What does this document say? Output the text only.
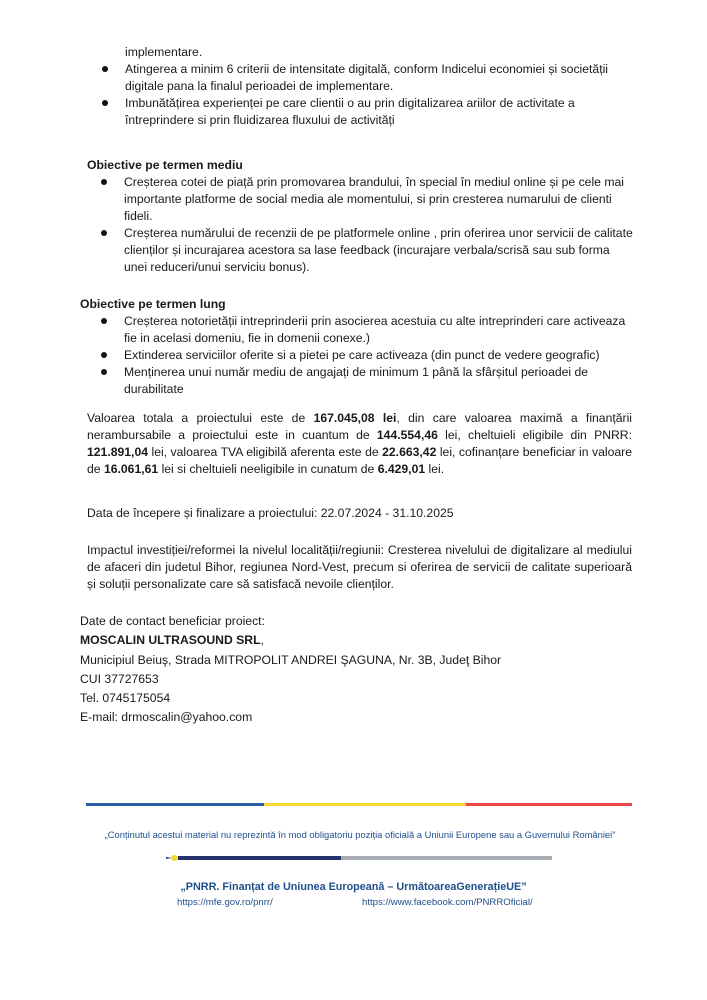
implementare.
Atingerea a minim 6 criterii de intensitate digitală, conform Indicelui economiei și societății digitale pana la finalul perioadei de implementare.
Imbunătățirea experienței pe care clientii o au prin digitalizarea ariilor de activitate a întreprindere si prin fluidizarea fluxului de activități
Obiective pe termen mediu
Creșterea cotei de piață prin promovarea brandului, în special în mediul online și pe cele mai importante platforme de social media ale momentului, si prin cresterea numarului de clienti fideli.
Creșterea numărului de recenzii de pe platformele online , prin oferirea unor servicii de calitate clienților și incurajarea acestora sa lase feedback (incurajare verbala/scrisă sau sub forma unei reduceri/unui serviciu bonus).
Obiective pe termen lung
Creșterea notorietății intreprinderii prin asocierea acestuia cu alte intreprinderi care activeaza fie in acelasi domeniu, fie in domenii conexe.)
Extinderea serviciilor oferite si a pietei pe care activeaza (din punct de vedere geografic)
Menținerea unui număr mediu de angajați de minimum 1 până la sfârșitul perioadei de durabilitate

Valoarea totala a proiectului este de 167.045,08 lei, din care valoarea maximă a finanțării nerambursabile a proiectului este in cuantum de 144.554,46 lei, cheltuieli eligibile din PNRR: 121.891,04 lei, valoarea TVA eligibilă aferenta este de 22.663,42 lei, cofinanțare beneficiar in valoare de 16.061,61 lei si cheltuieli neeligibile in cunatum de 6.429,01 lei.

Data de începere și finalizare a proiectului: 22.07.2024 - 31.10.2025

Impactul investiției/reformei la nivelul localității/regiunii: Cresterea nivelului de digitalizare al mediului de afaceri din judetul Bihor, regiunea Nord-Vest, precum si oferirea de servicii de calitate superioară și soluții personalizate care să satisfacă nevoile clienților.

Date de contact beneficiar proiect:
MOSCALIN ULTRASOUND SRL,
Municipiul Beiuş, Strada MITROPOLIT ANDREI ŞAGUNA, Nr. 3B, Judeţ Bihor
CUI 37727653
Tel. 0745175054
E-mail: drmoscalin@yahoo.com
„Conținutul acestui material nu reprezintă în mod obligatoriu poziția oficială a Uniunii Europene sau a Guvernului României”
„PNRR. Finanțat de Uniunea Europeană – UrmătoareaGenerațieUE”
https://mfe.gov.ro/pnrr/	https://www.facebook.com/PNRROficial/
